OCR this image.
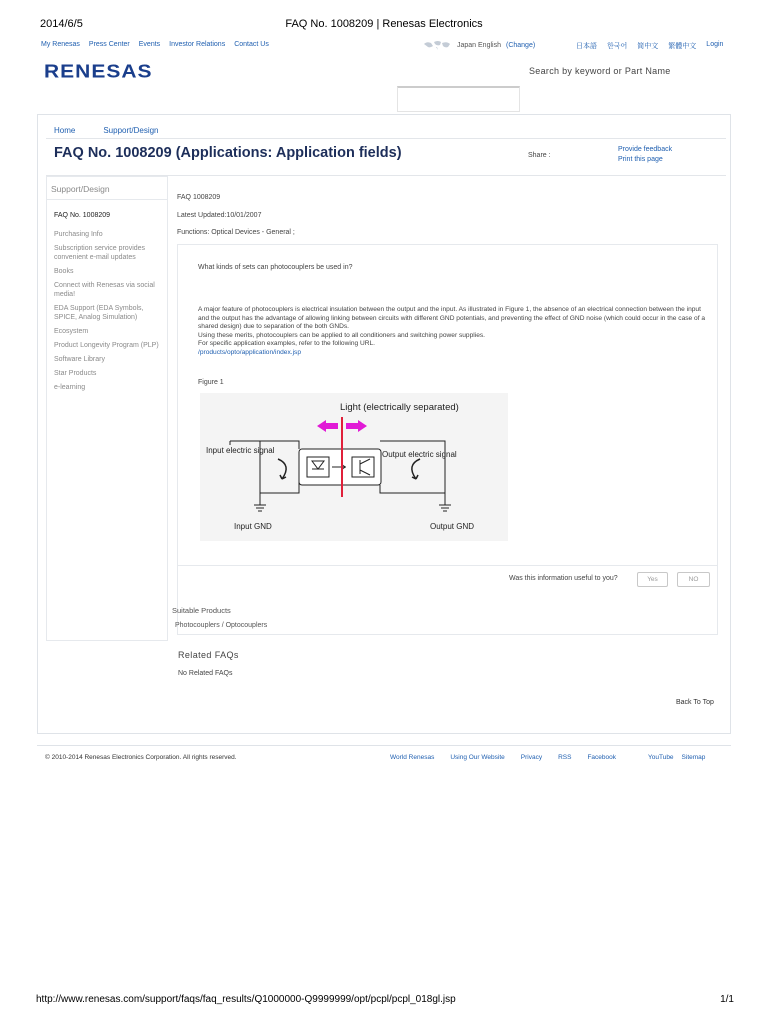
2014/6/5	FAQ No. 1008209 | Renesas Electronics
My Renesas Press Center Events Investor Relations Contact Us	Japan English (Change)	日本語 한국어 简中文 繁體中文 Login
RENESAS	Search by keyword or Part Name
Home	Support/Design
FAQ No. 1008209 (Applications: Application fields)	Share :
Provide feedback
Print this page
Support/Design
FAQ No. 1008209
Purchasing Info
Subscription service provides convenient e-mail updates
Books
Connect with Renesas via social media!
EDA Support (EDA Symbols, SPICE, Analog Simulation)
Ecosystem
Product Longevity Program (PLP)
Software Library
Star Products
e-learning
FAQ 1008209
Latest Updated:10/01/2007
Functions: Optical Devices - General ;
What kinds of sets can photocouplers be used in?
A major feature of photocouplers is electrical insulation between the output and the input. As illustrated in Figure 1, the absence of an electrical connection between the input and the output has the advantage of allowing linking between circuits with different GND potentials, and preventing the effect of GND noise (which could occur in the case of a shared design) due to separation of the both GNDs.
Using these merits, photocouplers can be applied to all conditioners and switching power supplies.
For specific application examples, refer to the following URL.
/products/opto/application/index.jsp
Figure 1
Light (electrically separated)
Input electric signal	Output electric signal
Input GND	Output GND
Was this information useful to you?	Yes	NO
Suitable Products
Photocouplers / Optocouplers
Related FAQs
No Related FAQs
Back To Top
© 2010-2014 Renesas Electronics Corporation. All rights reserved.	World Renesas Using Our Website Privacy RSS Facebook	YouTube Sitemap
http://www.renesas.com/support/faqs/faq_results/Q1000000-Q9999999/opt/pcpl/pcpl_018gl.jsp	1/1
